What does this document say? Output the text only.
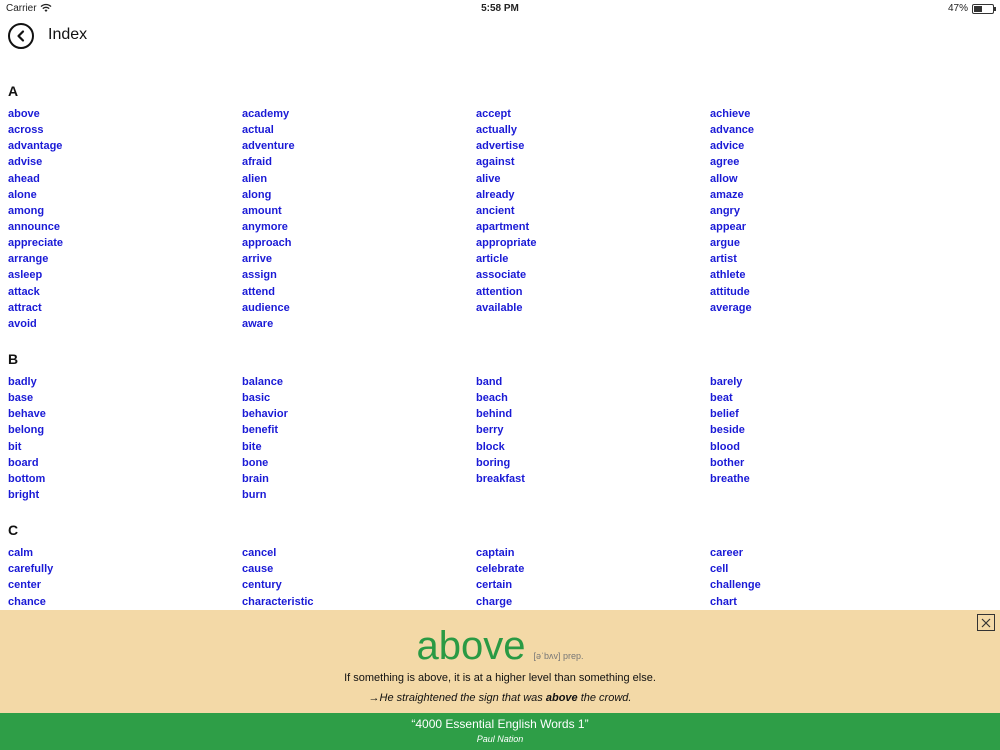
Carrier	5:58 PM	47%
Index
A
above	academy	accept	achieve
across	actual	actually	advance
advantage	adventure	advertise	advice
advise	afraid	against	agree
ahead	alien	alive	allow
alone	along	already	amaze
among	amount	ancient	angry
announce	anymore	apartment	appear
appreciate	approach	appropriate	argue
arrange	arrive	article	artist
asleep	assign	associate	athlete
attack	attend	attention	attitude
attract	audience	available	average
avoid	aware
B
badly	balance	band	barely
base	basic	beach	beat
behave	behavior	behind	belief
belong	benefit	berry	beside
bit	bite	block	blood
board	bone	boring	bother
bottom	brain	breakfast	breathe
bright	burn
C
calm	cancel	captain	career
carefully	cause	celebrate	cell
center	century	certain	challenge
chance	characteristic	charge	chart
above [əˈbʌv] prep.
If something is above, it is at a higher level than something else.
→He straightened the sign that was above the crowd.
“4000 Essential English Words 1”
Paul Nation
